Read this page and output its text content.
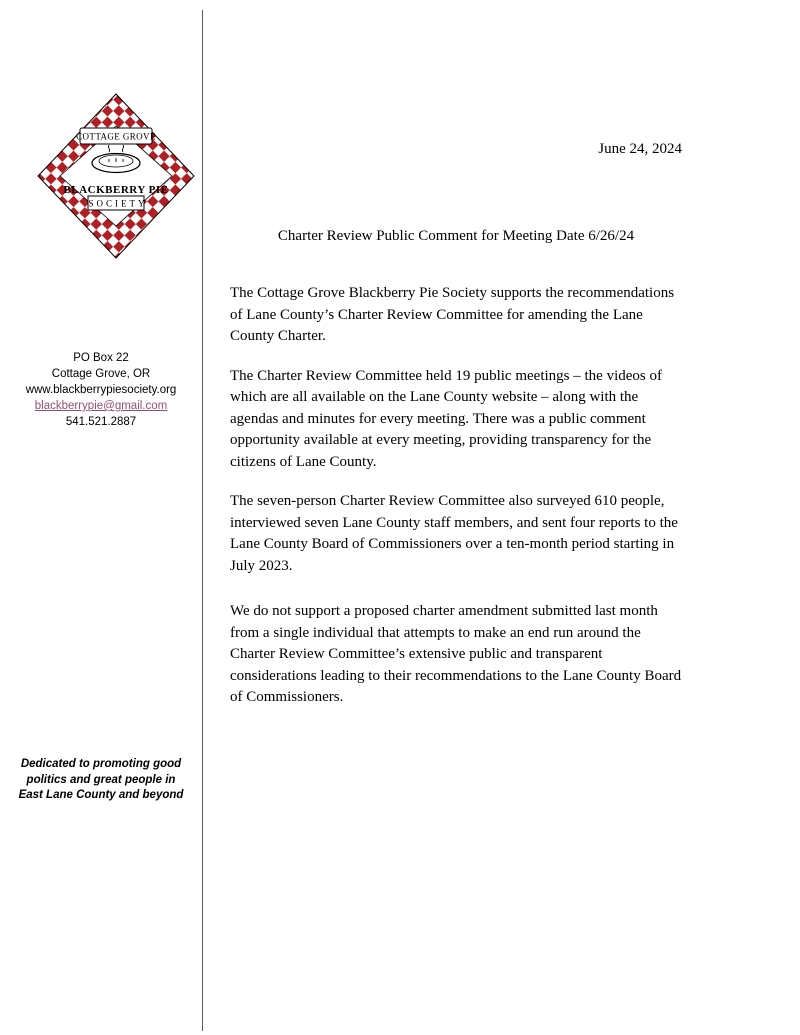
COTTAGE GROVE
BLACKBERRY PIE
SOCIETY
PO Box 22
Cottage Grove, OR
www.blackberrypiesociety.org
blackberrypie@gmail.com
541.521.2887
Dedicated to promoting good
politics and great people in
East Lane County and beyond
June 24, 2024
Charter Review Public Comment for Meeting Date 6/26/24

The Cottage Grove Blackberry Pie Society supports the recommendations of Lane County’s Charter Review Committee for amending the Lane County Charter.

The Charter Review Committee held 19 public meetings – the videos of which are all available on the Lane County website – along with the agendas and minutes for every meeting. There was a public comment opportunity available at every meeting, providing transparency for the citizens of Lane County.

The seven-person Charter Review Committee also surveyed 610 people, interviewed seven Lane County staff members, and sent four reports to the Lane County Board of Commissioners over a ten-month period starting in July 2023.

We do not support a proposed charter amendment submitted last month from a single individual that attempts to make an end run around the Charter Review Committee’s extensive public and transparent considerations leading to their recommendations to the Lane County Board of Commissioners.
